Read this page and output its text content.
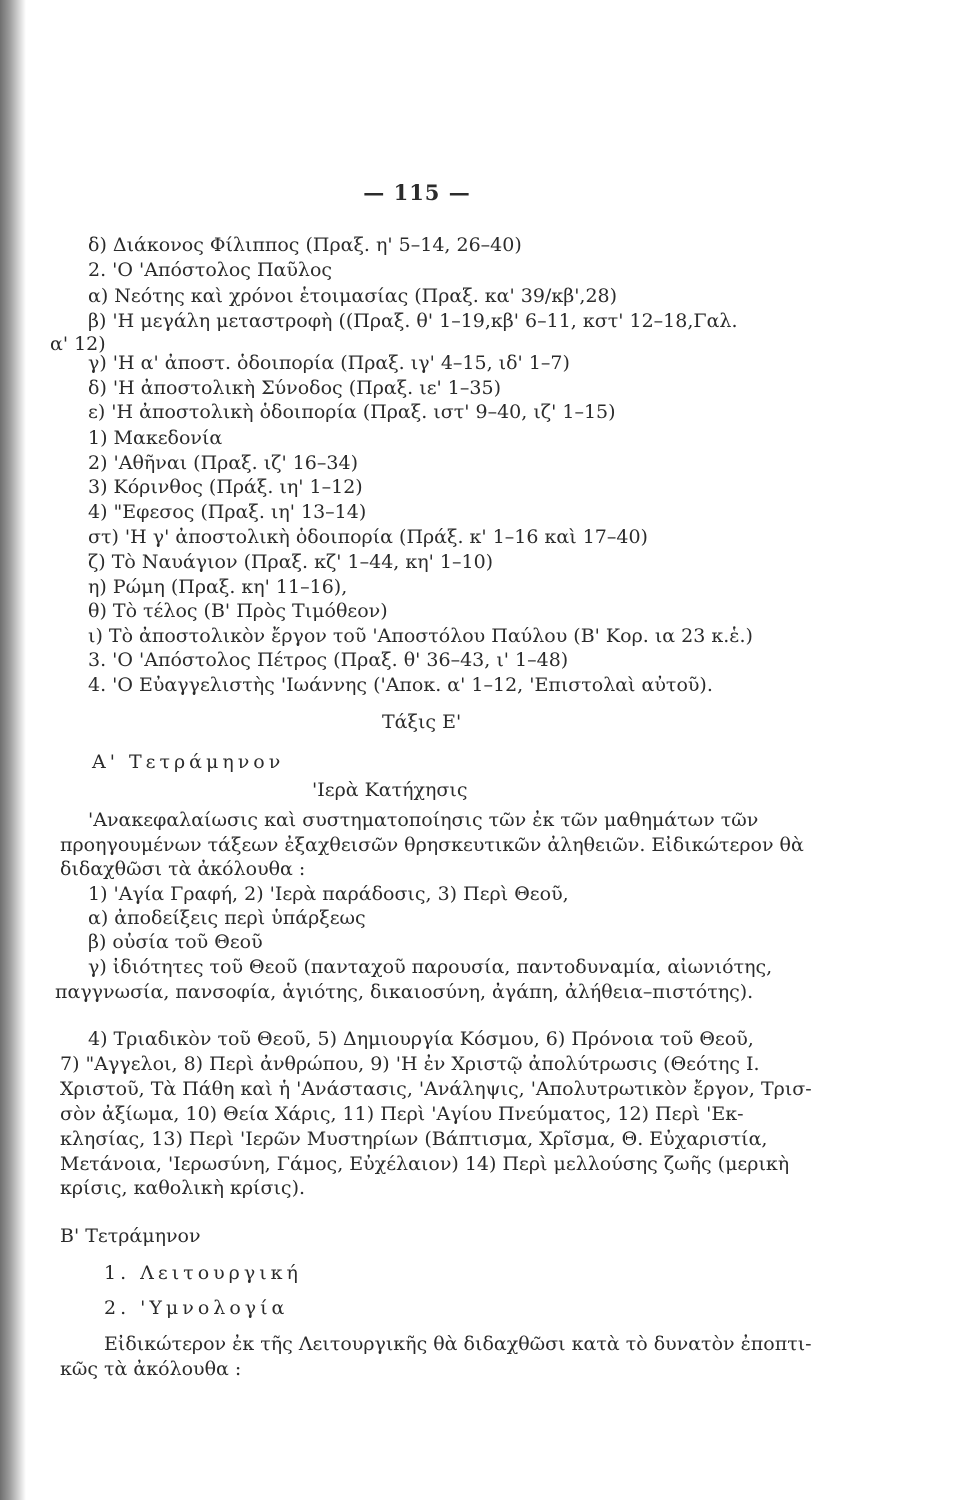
— 115 —
δ) Διάκονος Φίλιππος (Πραξ. η' 5–14, 26–40)
2. 'Ο 'Απόστολος Παῦλος
α) Νεότης καὶ χρόνοι ἑτοιμασίας (Πραξ. κα' 39/κβ',28)
β) 'Η μεγάλη μεταστροφὴ ((Πραξ. θ' 1–19,κβ' 6–11, κστ' 12–18,Γαλ.
α' 12)
γ) 'Η α' ἀποστ. ὁδοιπορία (Πραξ. ιγ' 4–15, ιδ' 1–7)
δ) 'Η ἀποστολικὴ Σύνοδος (Πραξ. ιε' 1–35)
ε) 'Η ἀποστολικὴ ὁδοιπορία (Πραξ. ιστ' 9–40, ιζ' 1–15)
1) Μακεδονία
2) 'Αθῆναι (Πραξ. ιζ' 16–34)
3) Κόρινθος (Πράξ. ιη' 1–12)
4) "Εφεσος (Πραξ. ιη' 13–14)
στ) 'Η γ' ἀποστολικὴ ὁδοιπορία (Πράξ. κ' 1–16 καὶ 17–40)
ζ) Τὸ Ναυάγιον (Πραξ. κζ' 1–44, κη' 1–10)
η) Ρώμη (Πραξ. κη' 11–16),
θ) Τὸ τέλος (Β' Πρὸς Τιμόθεον)
ι) Τὸ ἀποστολικὸν ἔργον τοῦ 'Αποστόλου Παύλου (Β' Κορ. ια 23 κ.ἑ.)
3. 'Ο 'Απόστολος Πέτρος (Πραξ. θ' 36–43, ι' 1–48)
4. 'Ο Εὐαγγελιστὴς 'Ιωάννης ('Αποκ. α' 1–12, 'Επιστολαὶ αὐτοῦ).
Τάξις Ε'
Α' Τετράμηνον
'Ιερὰ Κατήχησις
'Ανακεφαλαίωσις καὶ συστηματοποίησις τῶν ἐκ τῶν μαθημάτων τῶν
προηγουμένων τάξεων ἐξαχθεισῶν θρησκευτικῶν ἀληθειῶν. Εἰδικώτερον θὰ
διδαχθῶσι τὰ ἀκόλουθα :
1) 'Αγία Γραφή, 2) 'Ιερὰ παράδοσις, 3) Περὶ Θεοῦ,
α) ἀποδείξεις περὶ ὑπάρξεως
β) οὐσία τοῦ Θεοῦ
γ) ἰδιότητες τοῦ Θεοῦ (πανταχοῦ παρουσία, παντοδυναμία, αἰωνιότης,
παγγνωσία, πανσοφία, ἁγιότης, δικαιοσύνη, ἀγάπη, ἀλήθεια–πιστότης).
4) Τριαδικὸν τοῦ Θεοῦ, 5) Δημιουργία Κόσμου, 6) Πρόνοια τοῦ Θεοῦ,
7) "Αγγελοι, 8) Περὶ ἀνθρώπου, 9) 'Η ἐν Χριστῷ ἀπολύτρωσις (Θεότης Ι.
Χριστοῦ, Τὰ Πάθη καὶ ἡ 'Ανάστασις, 'Ανάληψις, 'Απολυτρωτικὸν ἔργον, Τρισ-
σὸν ἀξίωμα, 10) Θεία Χάρις, 11) Περὶ 'Αγίου Πνεύματος, 12) Περὶ 'Εκ-
κλησίας, 13) Περὶ 'Ιερῶν Μυστηρίων (Βάπτισμα, Χρῖσμα, Θ. Εὐχαριστία,
Μετάνοια, 'Ιερωσύνη, Γάμος, Εὐχέλαιον) 14) Περὶ μελλούσης ζωῆς (μερικὴ
κρίσις, καθολικὴ κρίσις).
Β' Τετράμηνον
1. Λειτουργική
2. 'Υμνολογία
Εἰδικώτερον ἐκ τῆς Λειτουργικῆς θὰ διδαχθῶσι κατὰ τὸ δυνατὸν ἐποπτι-
κῶς τὰ ἀκόλουθα :
